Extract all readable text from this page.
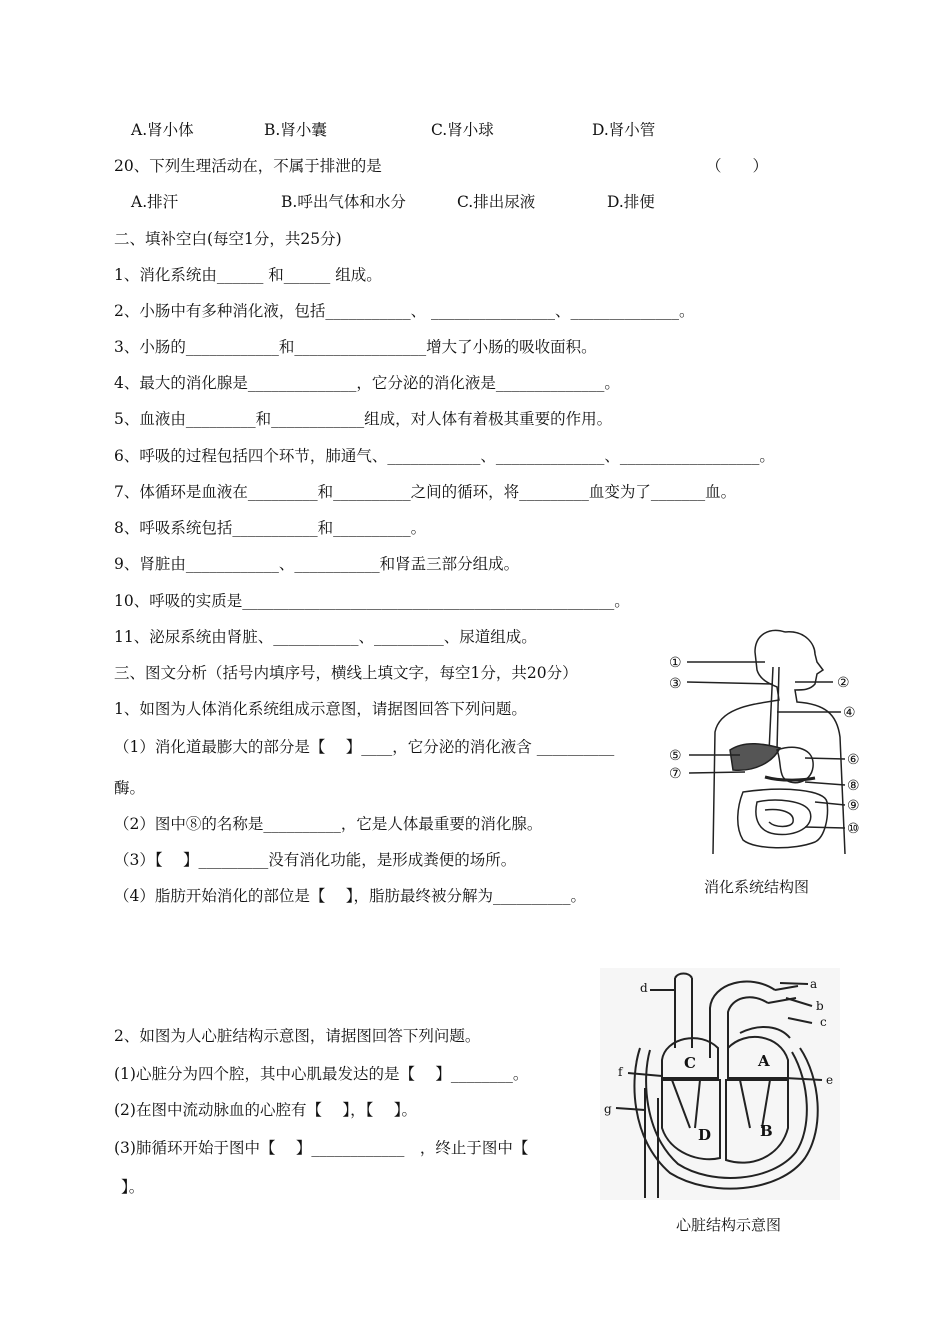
A.肾小体	B.肾小囊	C.肾小球	D.肾小管
20、下列生理活动在，不属于排泄的是	（　　）
A.排汗	B.呼出气体和水分	C.排出尿液	D.排便
二、填补空白(每空1分，共25分)
1、消化系统由______ 和______ 组成。
2、小肠中有多种消化液，包括___________、 ________________、______________。
3、小肠的____________和_________________增大了小肠的吸收面积。
4、最大的消化腺是______________，它分泌的消化液是______________。
5、血液由_________和____________组成，对人体有着极其重要的作用。
6、呼吸的过程包括四个环节，肺通气、____________、______________、__________________。
7、体循环是血液在_________和__________之间的循环，将_________血变为了_______血。
8、呼吸系统包括___________和__________。
9、肾脏由____________、___________和肾盂三部分组成。
10、呼吸的实质是________________________________________________。
11、泌尿系统由肾脏、___________、_________、尿道组成。
三、图文分析（括号内填序号，横线上填文字，每空1分，共20分）
1、如图为人体消化系统组成示意图，请据图回答下列问题。
（1）消化道最膨大的部分是【　 】____，它分泌的消化液含 __________
酶。
（2）图中⑧的名称是__________，它是人体最重要的消化腺。
（3）【　 】_________没有消化功能，是形成粪便的场所。
（4）脂肪开始消化的部位是【　 】，脂肪最终被分解为__________。
①
③	②
④
⑤
⑦
⑥
⑧
⑨
⑩
消化系统结构图
2、如图为人心脏结构示意图，请据图回答下列问题。
(1)心脏分为四个腔，其中心肌最发达的是【　 】________。
(2)在图中流动脉血的心腔有【　 】，【　 】。
(3)肺循环开始于图中【　 】____________　，终止于图中【
】。
d	a
b
c
f
e
g
C	A
D	B
心脏结构示意图
